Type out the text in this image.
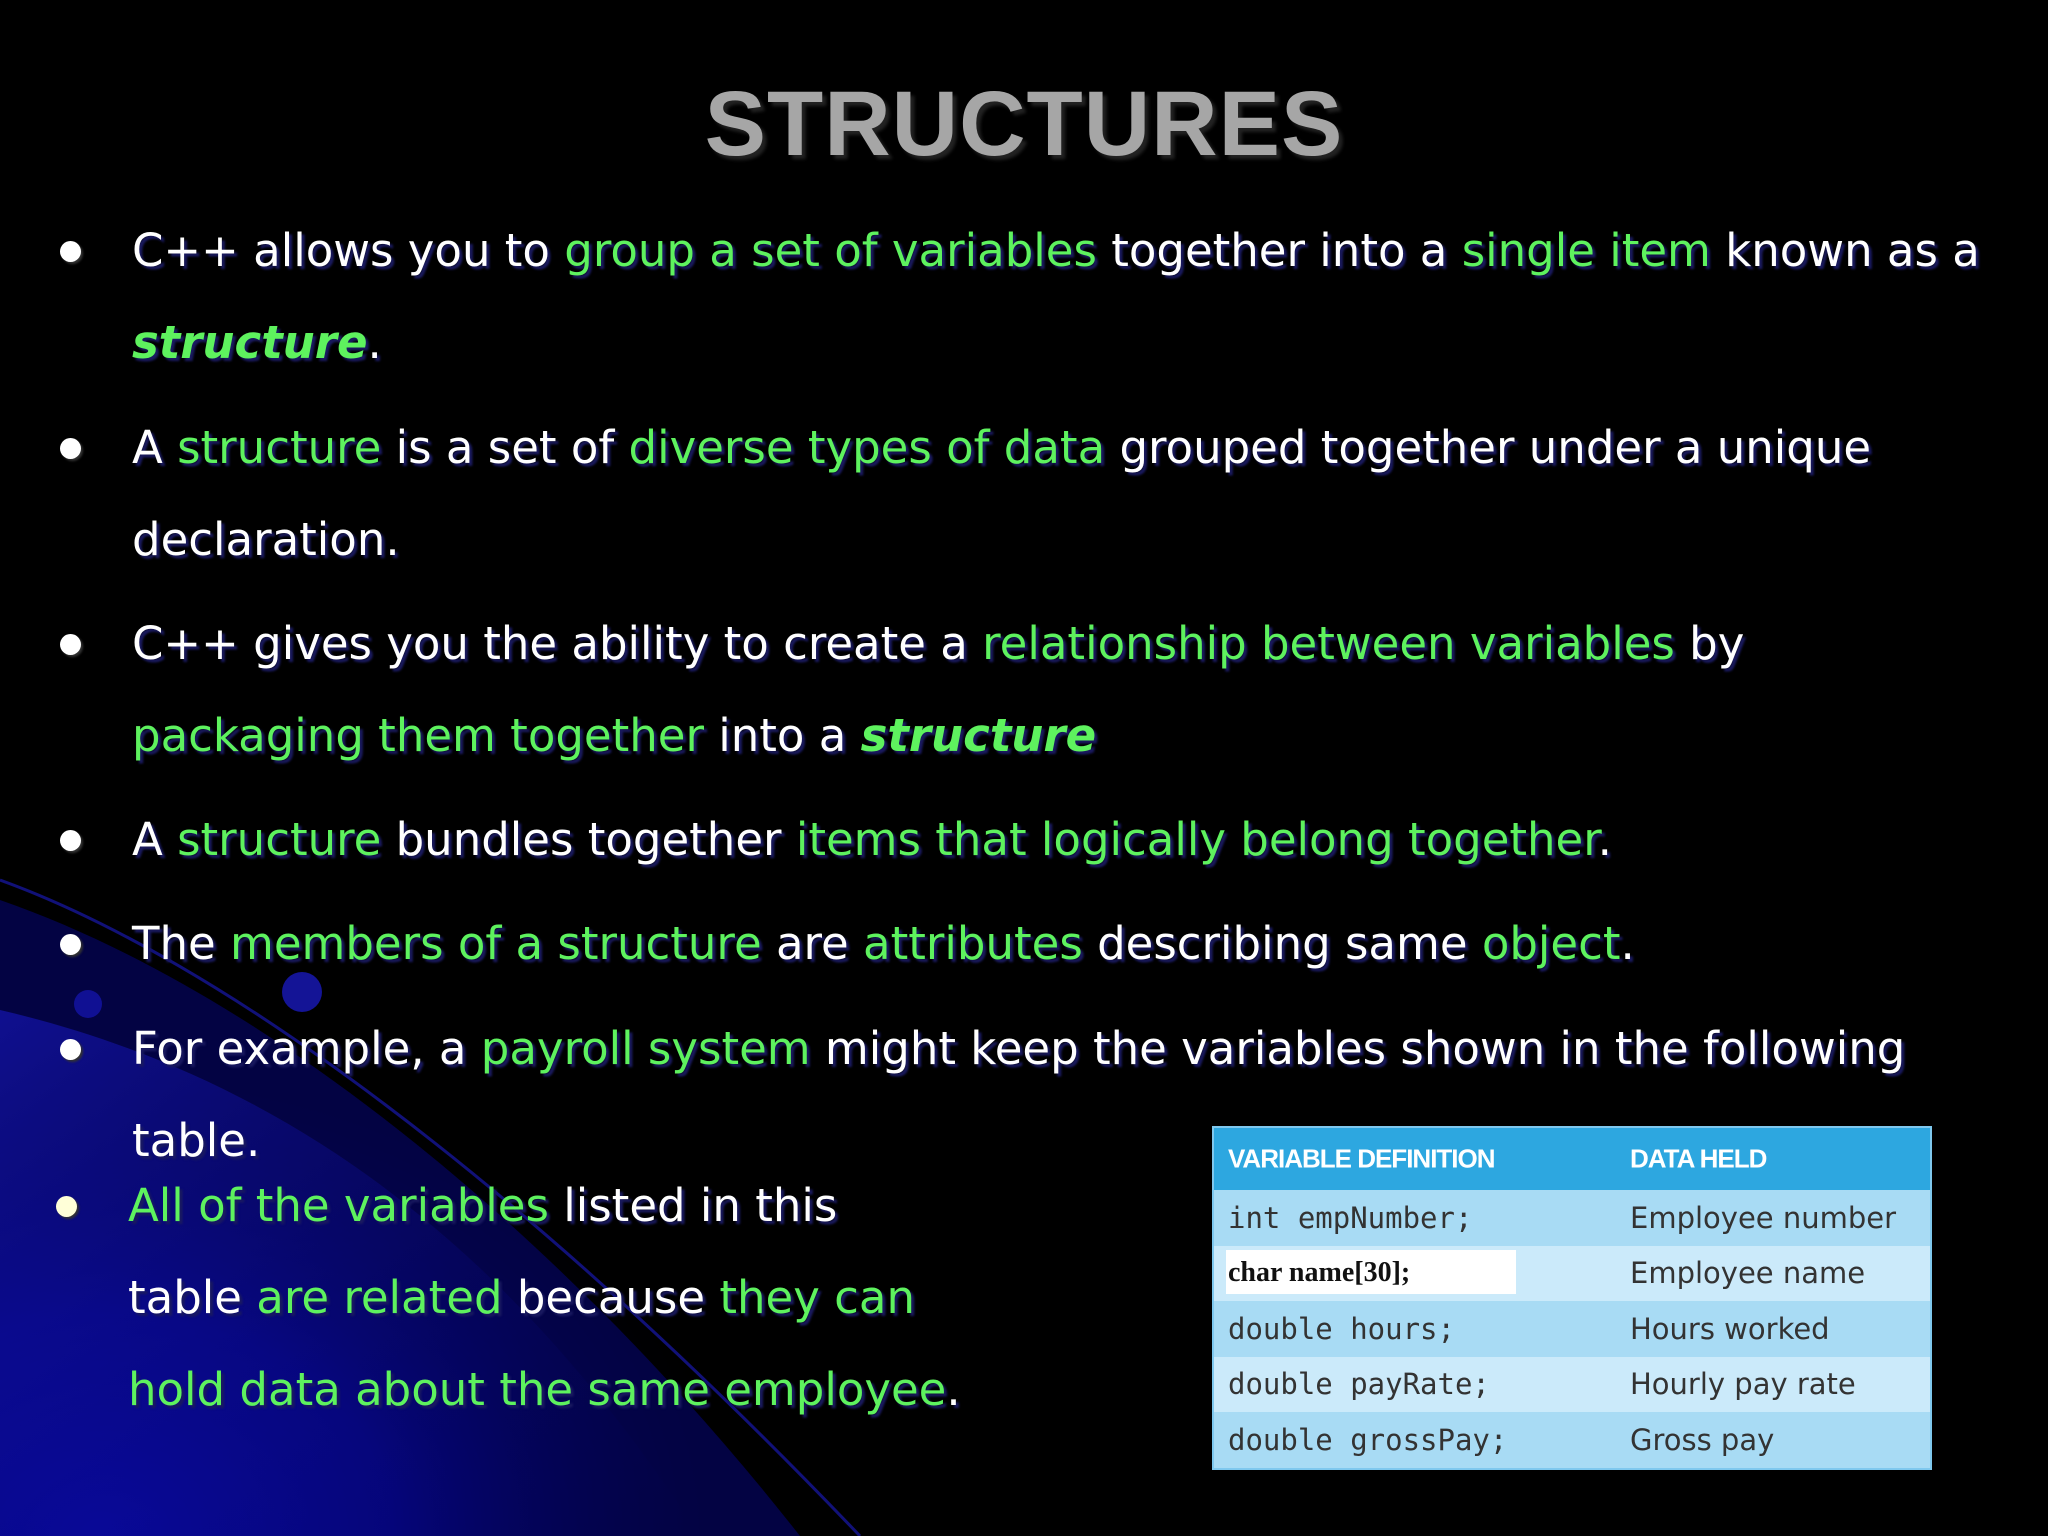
STRUCTURES
C++ allows you to group a set of variables together into a single item known as a
structure.
A structure is a set of diverse types of data grouped together under a unique
declaration.
C++ gives you the ability to create a relationship between variables by
packaging them together into a structure
A structure bundles together items that logically belong together.
The members of a structure are attributes describing same object.
For example, a payroll system might keep the variables shown in the following
table.
All of the variables listed in this
table are related because they can
hold data about the same employee.
VARIABLE DEFINITION	DATA HELD
int empNumber;	Employee number
char name[30];	Employee name
double hours;	Hours worked
double payRate;	Hourly pay rate
double grossPay;	Gross pay
